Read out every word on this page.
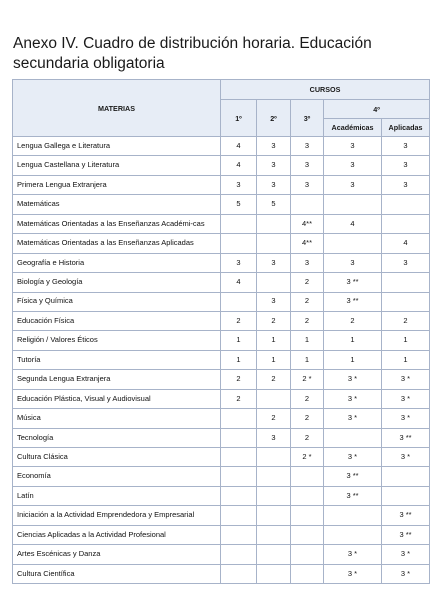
Anexo IV. Cuadro de distribución horaria. Educación
secundaria obligatoria
MATERIAS	CURSOS				
	1º	2º	3º	4º	
				Académicas	Aplicadas
Lengua Gallega e Literatura	4	3	3	3	3
Lengua Castellana y Literatura	4	3	3	3	3
Primera Lengua Extranjera	3	3	3	3	3
Matemáticas	5	5			
Matemáticas Orientadas a las Enseñanzas Académi-cas			4**	4	
Matemáticas Orientadas a las Enseñanzas Aplicadas			4**		4
Geografía e Historia	3	3	3	3	3
Biología y Geología	4		2	3 **	
Física y Química		3	2	3 **	
Educación Física	2	2	2	2	2
Religión / Valores Éticos	1	1	1	1	1
Tutoría	1	1	1	1	1
Segunda Lengua Extranjera	2	2	2 *	3 *	3 *
Educación Plástica, Visual y Audiovisual	2		2	3 *	3 *
Música		2	2	3 *	3 *
Tecnología		3	2		3 **
Cultura Clásica			2 *	3 *	3 *
Economía				3 **	
Latín				3 **	
Iniciación a la Actividad Emprendedora y Empresarial					3 **
Ciencias Aplicadas a la Actividad Profesional					3 **
Artes Escénicas y Danza				3 *	3 *
Cultura Científica				3 *	3 *
